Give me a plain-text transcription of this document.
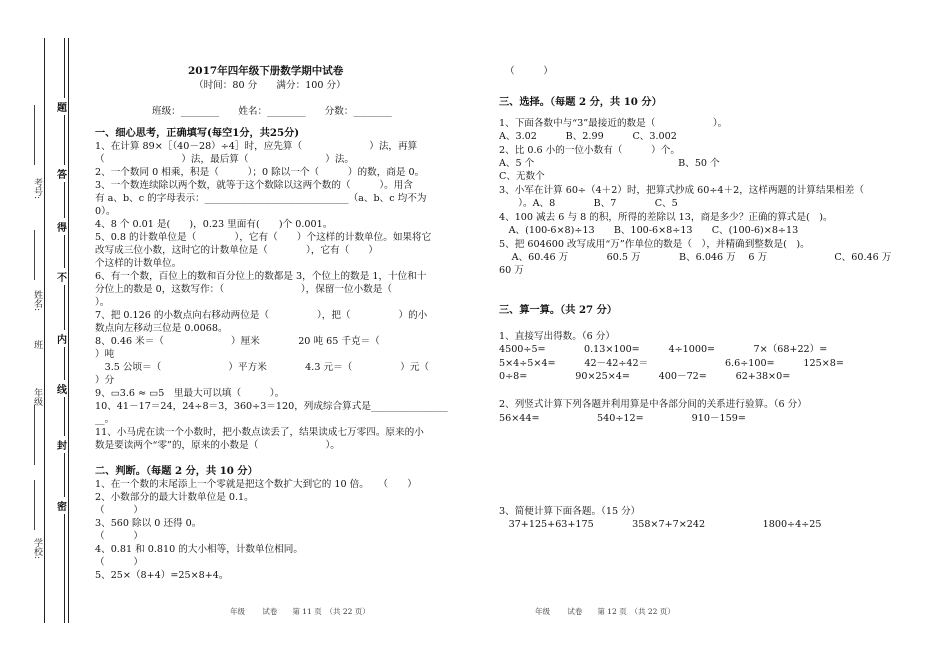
题
答
得
不
内
线
封
密
考号:
姓名:
班
年级
学校:
2017年四年级下册数学期中试卷
（时间：80 分　　满分：100 分）
班级：________　　姓名：________　　分数：________
一、细心思考，正确填写(每空1分，共25分)
1、在计算 89×［（40－28）÷4］时，应先算（　　　　　　　）法，再算
（　　　　　　　　）法，最后算（　　　　　　　　）法。
2、一个数同 0 相乘，积是（　　　）；0 除以一个（　　　）的数，商是 0。
3、一个数连续除以两个数，就等于这个数除以这两个数的（　　　）。用含
有 a、b、c 的字母表示：______________________________（a、b、c 均不为
0）。
4、8 个 0.01 是(　　)，0.23 里面有(　　)个 0.001。
5、0.8 的计数单位是（　　　　），它有（　　）个这样的计数单位。如果将它
改写成三位小数，这时它的计数单位是（　　　　），它有（　　）
个这样的计数单位。
6、有一个数，百位上的数和百分位上的数都是 3，个位上的数是 1，十位和十
分位上的数是 0，这数写作：（　　　　　　　　），保留一位小数是（　　　
）。
7、把 0.126 的小数点向右移动两位是（　　　　　），把（　　　　　）的小
数点向左移动三位是 0.0068。
8、0.46 米＝（　　　　　　　）厘米　　　　20 吨 65 千克＝（　　　　　
）吨
　3.5 公顷＝（　　　　　　　）平方米　　　　4.3 元＝（　　　　　）元（
）分
9、▭3.6 ≈ ▭5　里最大可以填（　　　）。
10、41－17＝24，24÷8＝3，360÷3＝120，列成综合算式是________________
__。
11、小马虎在读一个小数时，把小数点读丢了，结果读成七万零四。原来的小
数是要读两个“零”的，原来的小数是（　　　　　　　）。
二、判断。（每题 2 分，共 10 分）
1、在一个数的末尾添上一个零就是把这个数扩大到它的 10 倍。　　（　　）
2、小数部分的最大计数单位是 0.1。
（　　　）
3、560 除以 0 还得 0。
（　　　）
4、0.81 和 0.810 的大小相等，计数单位相同。
（　　　）
5、25×（8+4）=25×8+4。
年级　　 试卷　　第 11 页　（共 22 页）
（　　　）
三、选择。（每题 2 分，共 10 分）
1、下面各数中与“3”最接近的数是（　　　　　　）。
A、3.02　　　B、2.99　　　C、3.002
2、比 0.6 小的一位小数有（　　　）个。
A、5 个　　　　　　　　　　　　　　　B、50 个
C、无数个
3、小军在计算 60÷（4＋2）时，把算式抄成 60÷4＋2，这样两题的计算结果相差（
　　）。A、8　　　　B、7　　　　C、5
4、100 减去 6 与 8 的积，所得的差除以 13，商是多少？正确的算式是(　)。
　A、(100-6×8)÷13　　B、100-6×8÷13　　C、(100-6)×8÷13
5、把 604600 改写成用“万”作单位的数是（　），并精确到整数是(　)。
　 A、60.46 万　　　　60.5 万　　　　B、6.046 万　 6 万　　　　　　　C、60.46 万
60 万
三、算一算。（共 27 分）
1、直接写出得数。（6 分）
4500÷5=　　　　0.13×100=　　　4÷1000=　　　　7×（68+22）=
5×4÷5×4=　　　42－42÷42＝　　　　　　　　6.6÷100=　　　125×8=
0÷8=　　　　　90×25×4=　　　400－72=　　　62+38×0=
2、列竖式计算下列各题并利用算是中各部分间的关系进行验算。（6 分）
56×44=　　　　　　540÷12=　　　　　910－159=
3、简便计算下面各题。（15 分）
　37+125+63+175　　　　358×7+7×242　　　　　　1800÷4÷25
年级　　 试卷　　第 12 页　（共 22 页）
